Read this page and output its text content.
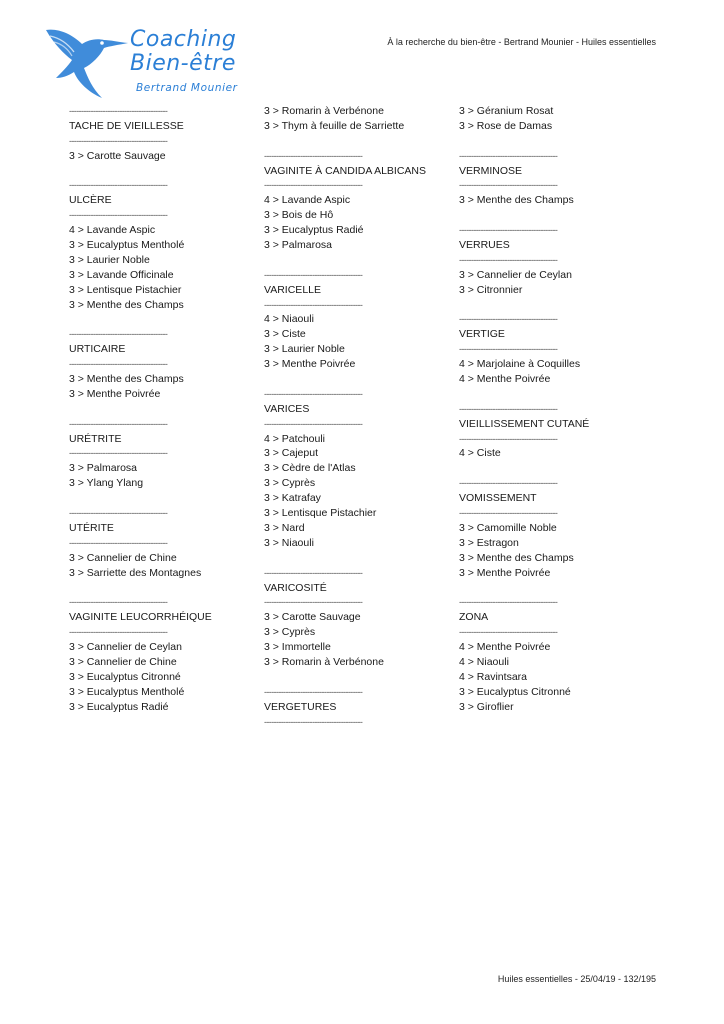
Coaching
Bien-être
Bertrand Mounier
À la recherche du bien-être - Bertrand Mounier - Huiles essentielles
-----------------------------------------
TACHE DE VIEILLESSE
-----------------------------------------
3 > Carotte Sauvage
-----------------------------------------
ULCÈRE
-----------------------------------------
4 > Lavande Aspic
3 > Eucalyptus Mentholé
3 > Laurier Noble
3 > Lavande Officinale
3 > Lentisque Pistachier
3 > Menthe des Champs
-----------------------------------------
URTICAIRE
-----------------------------------------
3 > Menthe des Champs
3 > Menthe Poivrée
-----------------------------------------
URÉTRITE
-----------------------------------------
3 > Palmarosa
3 > Ylang Ylang
-----------------------------------------
UTÉRITE
-----------------------------------------
3 > Cannelier de Chine
3 > Sarriette des Montagnes
-----------------------------------------
VAGINITE LEUCORRHÉIQUE
-----------------------------------------
3 > Cannelier de Ceylan
3 > Cannelier de Chine
3 > Eucalyptus Citronné
3 > Eucalyptus Mentholé
3 > Eucalyptus Radié
3 > Romarin à Verbénone
3 > Thym à feuille de Sarriette
-----------------------------------------
VAGINITE À CANDIDA ALBICANS
-----------------------------------------
4 > Lavande Aspic
3 > Bois de Hô
3 > Eucalyptus Radié
3 > Palmarosa
-----------------------------------------
VARICELLE
-----------------------------------------
4 > Niaouli
3 > Ciste
3 > Laurier Noble
3 > Menthe Poivrée
-----------------------------------------
VARICES
-----------------------------------------
4 > Patchouli
3 > Cajeput
3 > Cèdre de l'Atlas
3 > Cyprès
3 > Katrafay
3 > Lentisque Pistachier
3 > Nard
3 > Niaouli
-----------------------------------------
VARICOSITÉ
-----------------------------------------
3 > Carotte Sauvage
3 > Cyprès
3 > Immortelle
3 > Romarin à Verbénone
-----------------------------------------
VERGETURES
-----------------------------------------
3 > Géranium Rosat
3 > Rose de Damas
-----------------------------------------
VERMINOSE
-----------------------------------------
3 > Menthe des Champs
-----------------------------------------
VERRUES
-----------------------------------------
3 > Cannelier de Ceylan
3 > Citronnier
-----------------------------------------
VERTIGE
-----------------------------------------
4 > Marjolaine à Coquilles
4 > Menthe Poivrée
-----------------------------------------
VIEILLISSEMENT CUTANÉ
-----------------------------------------
4 > Ciste
-----------------------------------------
VOMISSEMENT
-----------------------------------------
3 > Camomille Noble
3 > Estragon
3 > Menthe des Champs
3 > Menthe Poivrée
-----------------------------------------
ZONA
-----------------------------------------
4 > Menthe Poivrée
4 > Niaouli
4 > Ravintsara
3 > Eucalyptus Citronné
3 > Giroflier
Huiles essentielles - 25/04/19 - 132/195
